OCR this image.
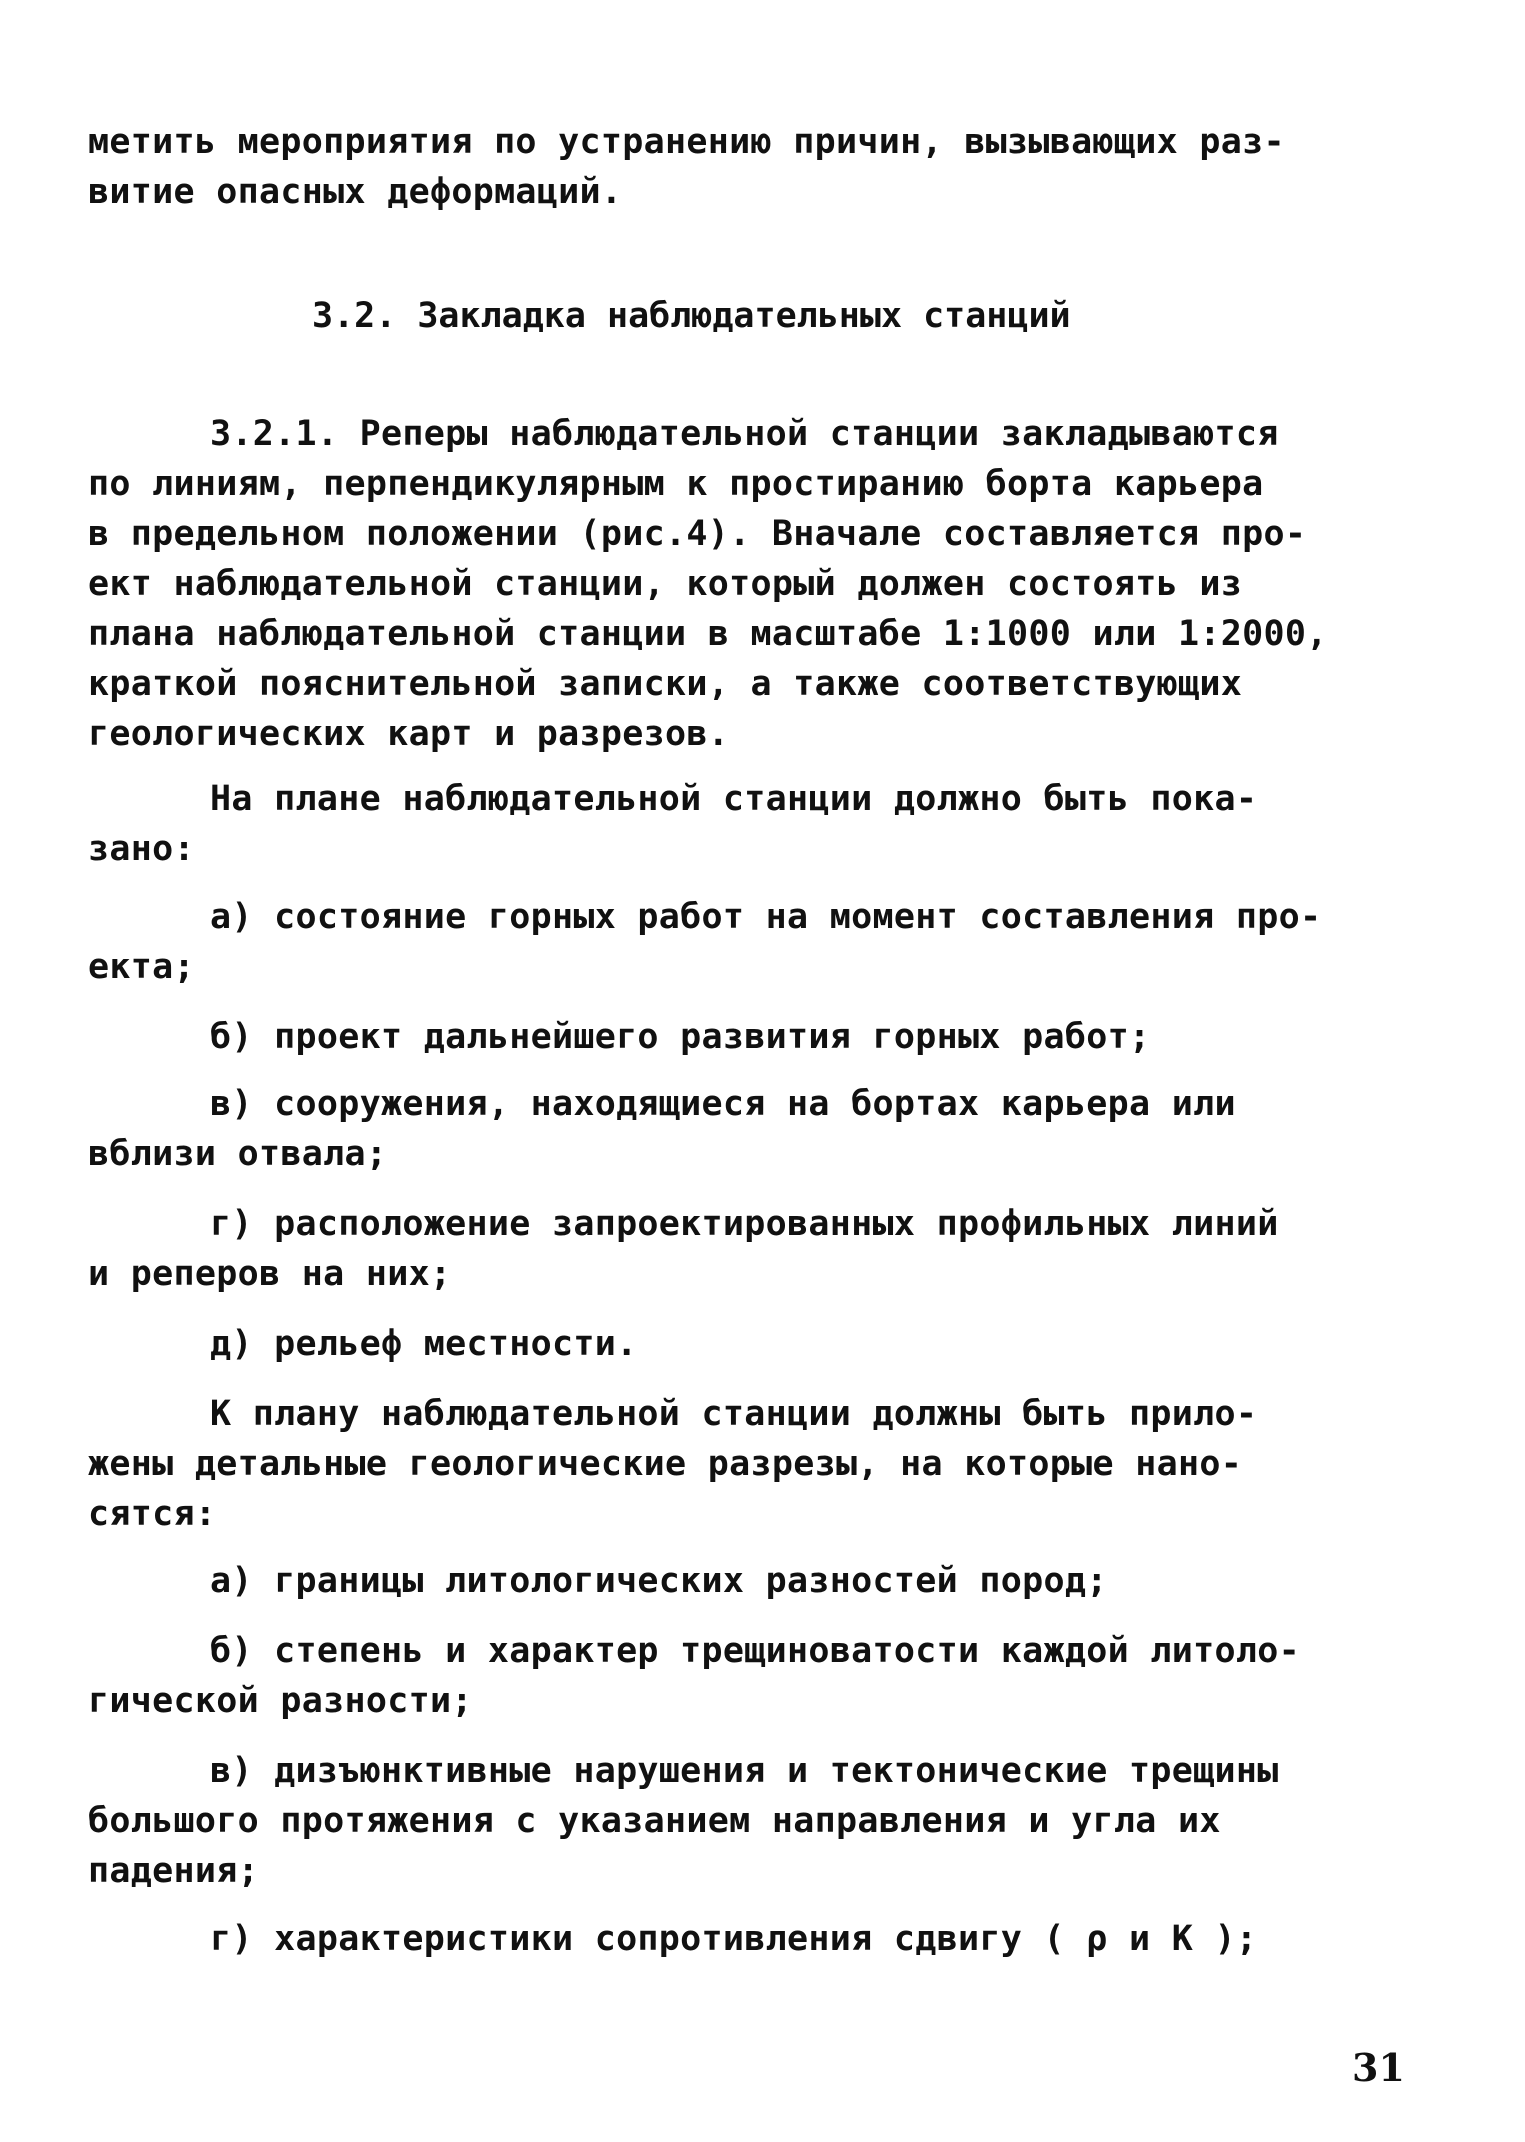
метить мероприятия по устранению причин, вызывающих раз-
витие опасных деформаций.
3.2. Закладка наблюдательных станций
3.2.1. Реперы наблюдательной станции закладываются
по линиям, перпендикулярным к простиранию борта карьера
в предельном положении (рис.4). Вначале составляется про-
ект наблюдательной станции, который должен состоять из
плана наблюдательной станции в масштабе 1:1000 или 1:2000,
краткой пояснительной записки, а также соответствующих
геологических карт и разрезов.
На плане наблюдательной станции должно быть пока-
зано:
а) состояние горных работ на момент составления про-
екта;
б) проект дальнейшего развития горных работ;
в) сооружения, находящиеся на бортах карьера или
вблизи отвала;
г) расположение запроектированных профильных линий
и реперов на них;
д) рельеф местности.
К плану наблюдательной станции должны быть прило-
жены детальные геологические разрезы, на которые нано-
сятся:
а) границы литологических разностей пород;
б) степень и характер трещиноватости каждой литоло-
гической разности;
в) дизъюнктивные нарушения и тектонические трещины
большого протяжения с указанием направления и угла их
падения;
г) характеристики сопротивления сдвигу ( ρ и К );
31
